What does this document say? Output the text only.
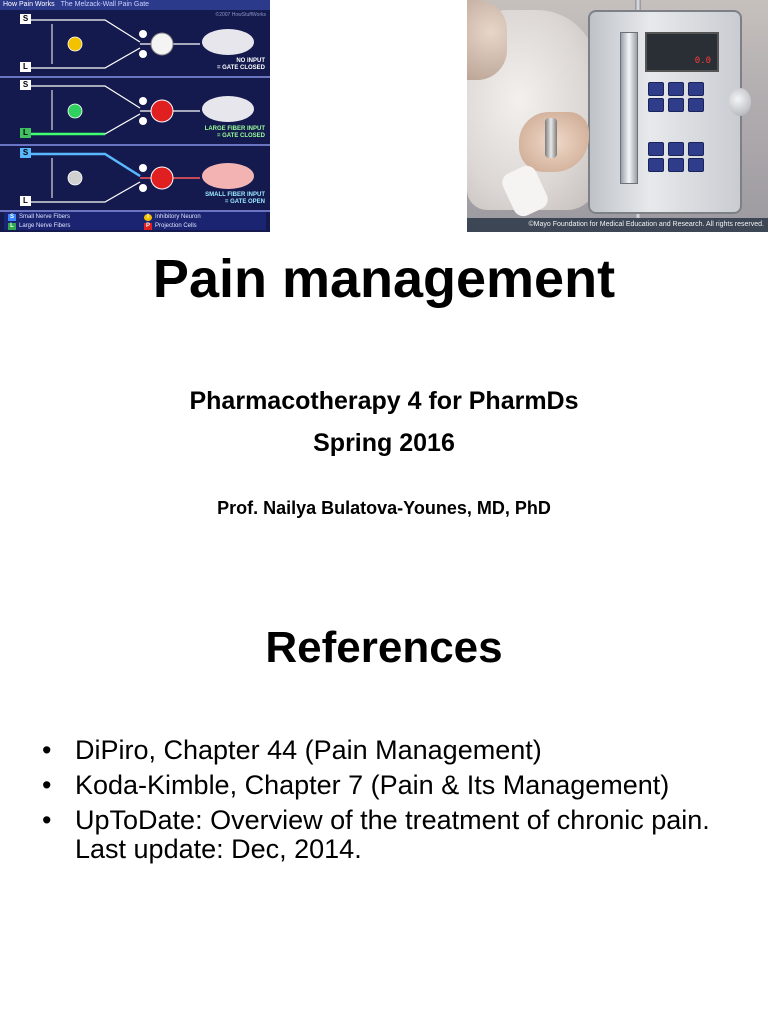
How Pain Works The Melzack-Wall Pain Gate
©2007 HowStuffWorks
S
L
NO INPUT
= GATE CLOSED
S
L	LARGE FIBER INPUT
= GATE CLOSED
S
L
SMALL FIBER INPUT
= GATE OPEN
S Small Nerve Fibers	I Inhibitory Neuron
L Large Nerve Fibers	P Projection Cells
0.0
©Mayo Foundation for Medical Education and Research. All rights reserved.
Pain management
Pharmacotherapy 4 for PharmDs
Spring 2016
Prof. Nailya Bulatova-Younes, MD, PhD
References
• DiPiro, Chapter 44 (Pain Management)
• Koda-Kimble, Chapter 7 (Pain & Its Management)
• UpToDate: Overview of the treatment of chronic pain. Last update: Dec, 2014.
